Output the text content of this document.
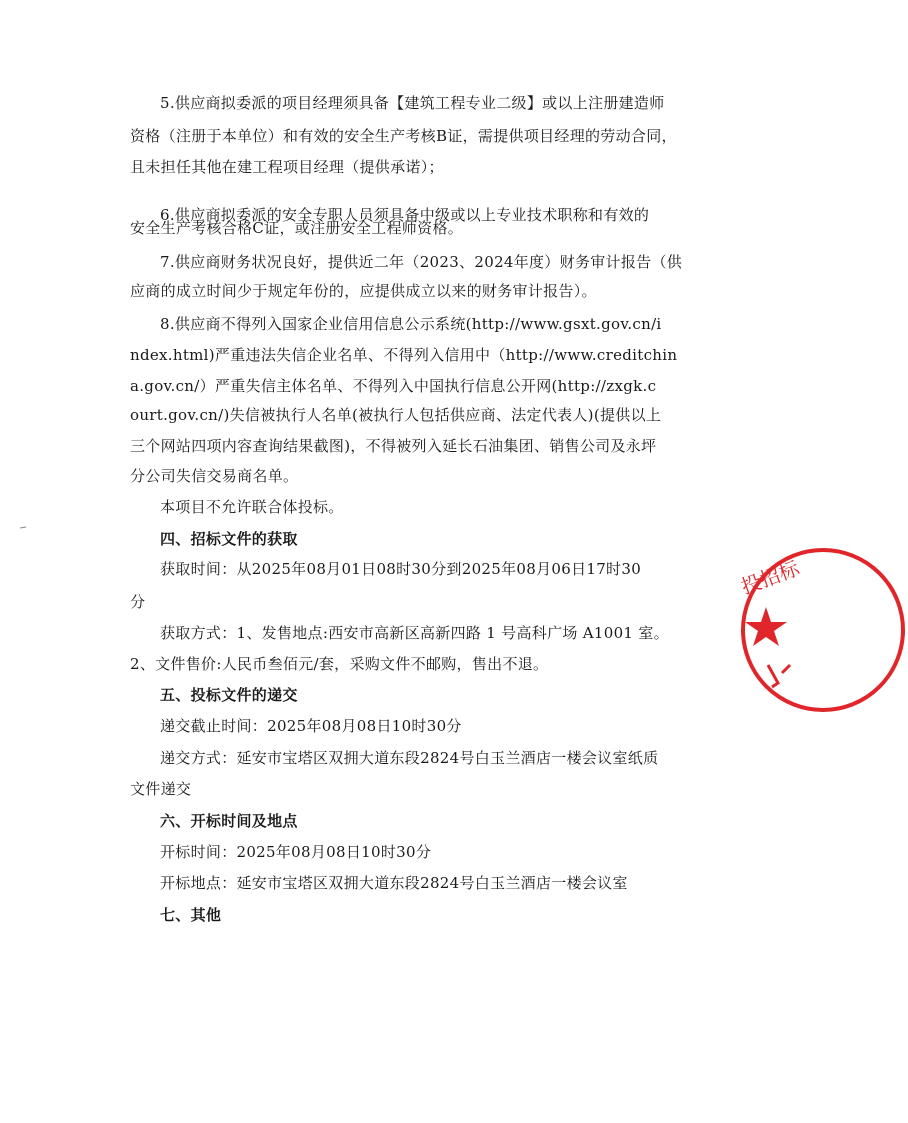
5.供应商拟委派的项目经理须具备【建筑工程专业二级】或以上注册建造师
资格（注册于本单位）和有效的安全生产考核B证，需提供项目经理的劳动合同，
且未担任其他在建工程项目经理（提供承诺）；
6.供应商拟委派的安全专职人员须具备中级或以上专业技术职称和有效的
安全生产考核合格C证，或注册安全工程师资格。
7.供应商财务状况良好，提供近二年（2023、2024年度）财务审计报告（供
应商的成立时间少于规定年份的，应提供成立以来的财务审计报告）。
8.供应商不得列入国家企业信用信息公示系统(http://www.gsxt.gov.cn/i
ndex.html)严重违法失信企业名单、不得列入信用中（http://www.creditchin
a.gov.cn/）严重失信主体名单、不得列入中国执行信息公开网(http://zxgk.c
ourt.gov.cn/)失信被执行人名单(被执行人包括供应商、法定代表人)(提供以上
三个网站四项内容查询结果截图)，不得被列入延长石油集团、销售公司及永坪
分公司失信交易商名单。
本项目不允许联合体投标。
四、招标文件的获取
获取时间：从2025年08月01日08时30分到2025年08月06日17时30
分
获取方式：1、发售地点:西安市高新区高新四路 1 号高科广场 A1001 室。
2、文件售价:人民币叁佰元/套，采购文件不邮购，售出不退。
五、投标文件的递交
递交截止时间：2025年08月08日10时30分
递交方式：延安市宝塔区双拥大道东段2824号白玉兰酒店一楼会议室纸质
文件递交
六、开标时间及地点
开标时间：2025年08月08日10时30分
开标地点：延安市宝塔区双拥大道东段2824号白玉兰酒店一楼会议室
七、其他
投招标
